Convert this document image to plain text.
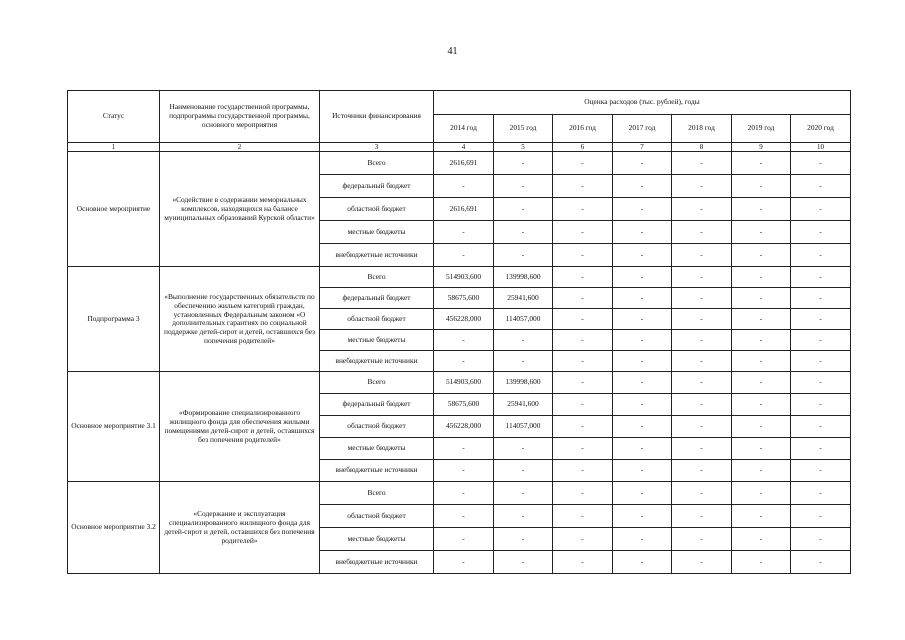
41
Статус	Наименование государственной программы, подпрограммы государственной программы, основного мероприятия	Источники финансирования	Оценка расходов (тыс. рублей), годы						
			2014 год	2015 год	2016 год	2017 год	2018 год	2019 год	2020 год
1	2	3	4	5	6	7	8	9	10
Основное мероприятие	«Содействие в содержании мемориальных комплексов, находящихся на балансе муниципальных образований Курской области»	Всего	2616,691	-	-	-	-	-	-
		федеральный бюджет	-	-	-	-	-	-	-
		областной бюджет	2616,691	-	-	-	-	-	-
		местные бюджеты	-	-	-	-	-	-	-
		внебюджетные источники	-	-	-	-	-	-	-
Подпрограмма 3	«Выполнение государственных обязательств по обеспечению жильем категорий граждан, установленных Федеральным законом «О дополнительных гарантиях по социальной поддержке детей-сирот и детей, оставшихся без попечения родителей»	Всего	514903,600	139998,600	-	-	-	-	-
		федеральный бюджет	58675,600	25941,600	-	-	-	-	-
		областной бюджет	456228,000	114057,000	-	-	-	-	-
		местные бюджеты	-	-	-	-	-	-	-
		внебюджетные источники	-	-	-	-	-	-	-
Основное мероприятие 3.1	«Формирование специализированного жилищного фонда для обеспечения жилыми помещениями детей-сирот и детей, оставшихся без попечения родителей»	Всего	514903,600	139998,600	-	-	-	-	-
		федеральный бюджет	58675,600	25941,600	-	-	-	-	-
		областной бюджет	456228,000	114057,000	-	-	-	-	-
		местные бюджеты	-	-	-	-	-	-	-
		внебюджетные источники	-	-	-	-	-	-	-
Основное мероприятие 3.2	«Содержание и эксплуатация специализированного жилищного фонда для детей-сирот и детей, оставшихся без попечения родителей»	Всего	-	-	-	-	-	-	-
		областной бюджет	-	-	-	-	-	-	-
		местные бюджеты	-	-	-	-	-	-	-
		внебюджетные источники	-	-	-	-	-	-	-
